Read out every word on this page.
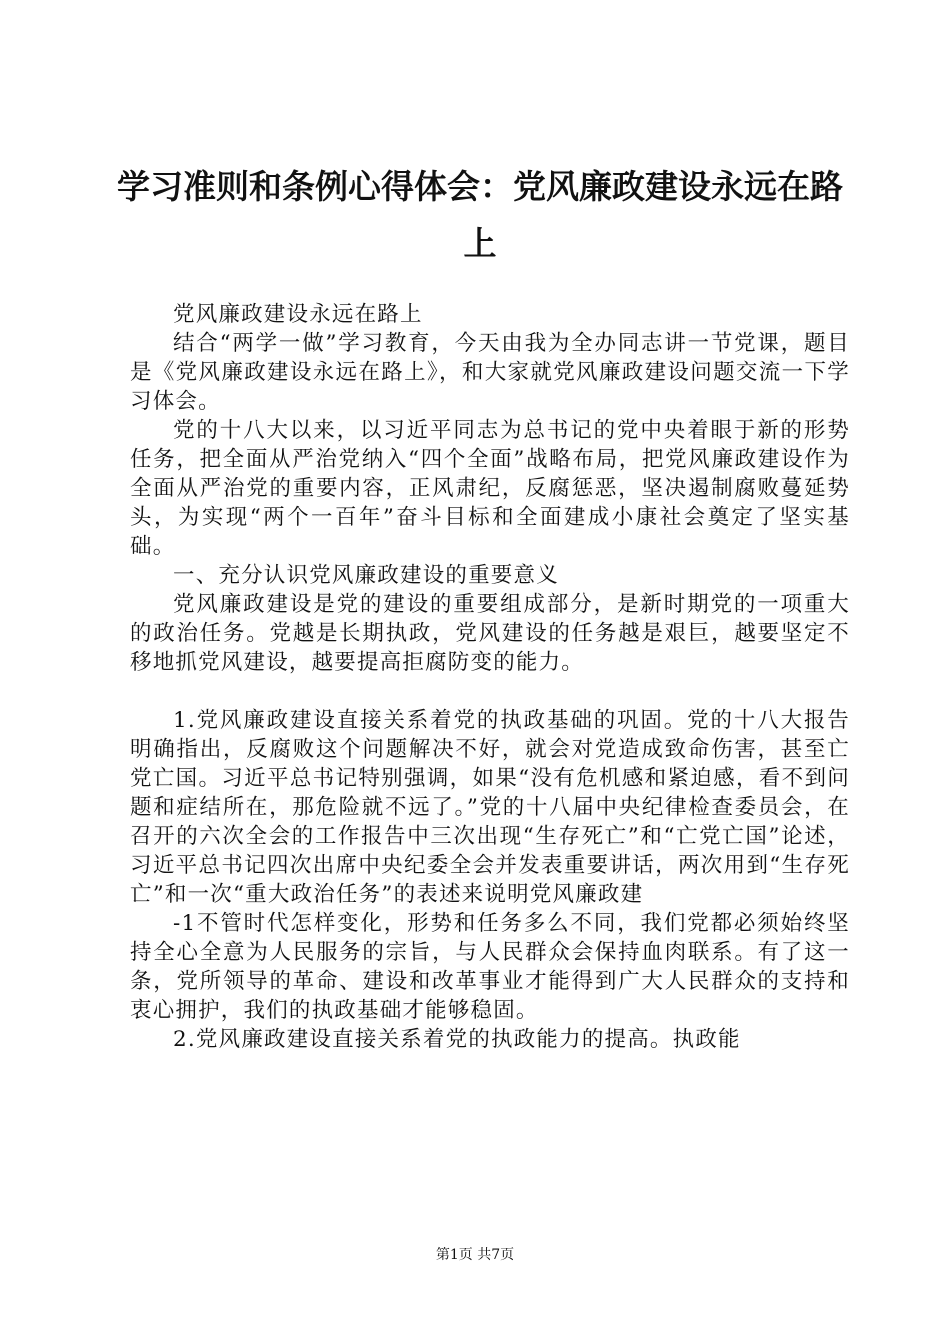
学习准则和条例心得体会：党风廉政建设永远在路上

党风廉政建设永远在路上

结合“两学一做”学习教育，今天由我为全办同志讲一节党课，题目是《党风廉政建设永远在路上》，和大家就党风廉政建设问题交流一下学习体会。

党的十八大以来，以习近平同志为总书记的党中央着眼于新的形势任务，把全面从严治党纳入“四个全面”战略布局，把党风廉政建设作为全面从严治党的重要内容，正风肃纪，反腐惩恶，坚决遏制腐败蔓延势头，为实现“两个一百年”奋斗目标和全面建成小康社会奠定了坚实基础。

一、充分认识党风廉政建设的重要意义

党风廉政建设是党的建设的重要组成部分，是新时期党的一项重大的政治任务。党越是长期执政，党风建设的任务越是艰巨，越要坚定不移地抓党风建设，越要提高拒腐防变的能力。

1.党风廉政建设直接关系着党的执政基础的巩固。党的十八大报告明确指出，反腐败这个问题解决不好，就会对党造成致命伤害，甚至亡党亡国。习近平总书记特别强调，如果“没有危机感和紧迫感，看不到问题和症结所在，那危险就不远了。”党的十八届中央纪律检查委员会，在召开的六次全会的工作报告中三次出现“生存死亡”和“亡党亡国”论述，习近平总书记四次出席中央纪委全会并发表重要讲话，两次用到“生存死亡”和一次“重大政治任务”的表述来说明党风廉政建

-1不管时代怎样变化，形势和任务多么不同，我们党都必须始终坚持全心全意为人民服务的宗旨，与人民群众会保持血肉联系。有了这一条，党所领导的革命、建设和改革事业才能得到广大人民群众的支持和衷心拥护，我们的执政基础才能够稳固。

2.党风廉政建设直接关系着党的执政能力的提高。执政能

第1页 共7页
